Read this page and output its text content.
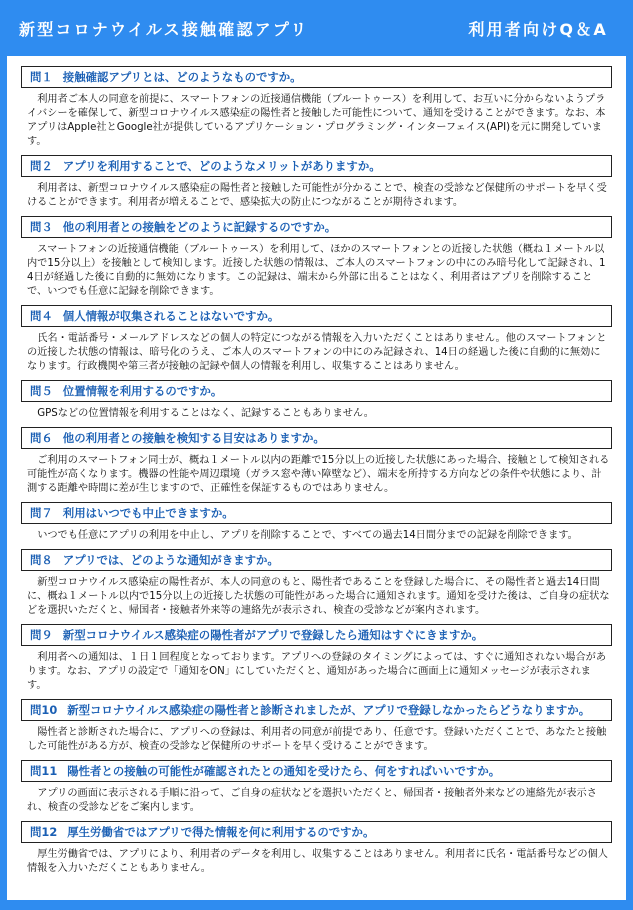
新型コロナウイルス接触確認アプリ	利用者向けQ＆A
問１ 接触確認アプリとは、どのようなものですか。
利用者ご本人の同意を前提に、スマートフォンの近接通信機能（ブルートゥース）を利用して、お互いに分からないようプライバシーを確保して、新型コロナウイルス感染症の陽性者と接触した可能性について、通知を受けることができます。なお、本アプリはApple社とGoogle社が提供しているアプリケーション・プログラミング・インターフェイス(API)を元に開発しています。
問２ アプリを利用することで、どのようなメリットがありますか。
利用者は、新型コロナウイルス感染症の陽性者と接触した可能性が分かることで、検査の受診など保健所のサポートを早く受けることができます。利用者が増えることで、感染拡大の防止につながることが期待されます。
問３ 他の利用者との接触をどのように記録するのですか。
スマートフォンの近接通信機能（ブルートゥース）を利用して、ほかのスマートフォンとの近接した状態（概ね１メートル以内で15分以上）を接触として検知します。近接した状態の情報は、ご本人のスマートフォンの中にのみ暗号化して記録され、14日が経過した後に自動的に無効になります。この記録は、端末から外部に出ることはなく、利用者はアプリを削除することで、いつでも任意に記録を削除できます。
問４ 個人情報が収集されることはないですか。
氏名・電話番号・メールアドレスなどの個人の特定につながる情報を入力いただくことはありません。他のスマートフォンとの近接した状態の情報は、暗号化のうえ、ご本人のスマートフォンの中にのみ記録され、14日の経過した後に自動的に無効になります。行政機関や第三者が接触の記録や個人の情報を利用し、収集することはありません。
問５ 位置情報を利用するのですか。
GPSなどの位置情報を利用することはなく、記録することもありません。
問６ 他の利用者との接触を検知する目安はありますか。
ご利用のスマートフォン同士が、概ね１メートル以内の距離で15分以上の近接した状態にあった場合、接触として検知される可能性が高くなります。機器の性能や周辺環境（ガラス窓や薄い障壁など）、端末を所持する方向などの条件や状態により、計測する距離や時間に差が生じますので、正確性を保証するものではありません。
問７ 利用はいつでも中止できますか。
いつでも任意にアプリの利用を中止し、アプリを削除することで、すべての過去14日間分までの記録を削除できます。
問８ アプリでは、どのような通知がきますか。
新型コロナウイルス感染症の陽性者が、本人の同意のもと、陽性者であることを登録した場合に、その陽性者と過去14日間に、概ね１メートル以内で15分以上の近接した状態の可能性があった場合に通知されます。通知を受けた後は、ご自身の症状などを選択いただくと、帰国者・接触者外来等の連絡先が表示され、検査の受診などが案内されます。
問９ 新型コロナウイルス感染症の陽性者がアプリで登録したら通知はすぐにきますか。
利用者への通知は、１日１回程度となっております。アプリへの登録のタイミングによっては、すぐに通知されない場合があります。なお、アプリの設定で「通知をON」にしていただくと、通知があった場合に画面上に通知メッセージが表示されます。
問10 新型コロナウイルス感染症の陽性者と診断されましたが、アプリで登録しなかったらどうなりますか。
陽性者と診断された場合に、アプリへの登録は、利用者の同意が前提であり、任意です。登録いただくことで、あなたと接触した可能性がある方が、検査の受診など保健所のサポートを早く受けることができます。
問11 陽性者との接触の可能性が確認されたとの通知を受けたら、何をすればいいですか。
アプリの画面に表示される手順に沿って、ご自身の症状などを選択いただくと、帰国者・接触者外来などの連絡先が表示され、検査の受診などをご案内します。
問12 厚生労働省ではアプリで得た情報を何に利用するのですか。
厚生労働省では、アプリにより、利用者のデータを利用し、収集することはありません。利用者に氏名・電話番号などの個人情報を入力いただくこともありません。
